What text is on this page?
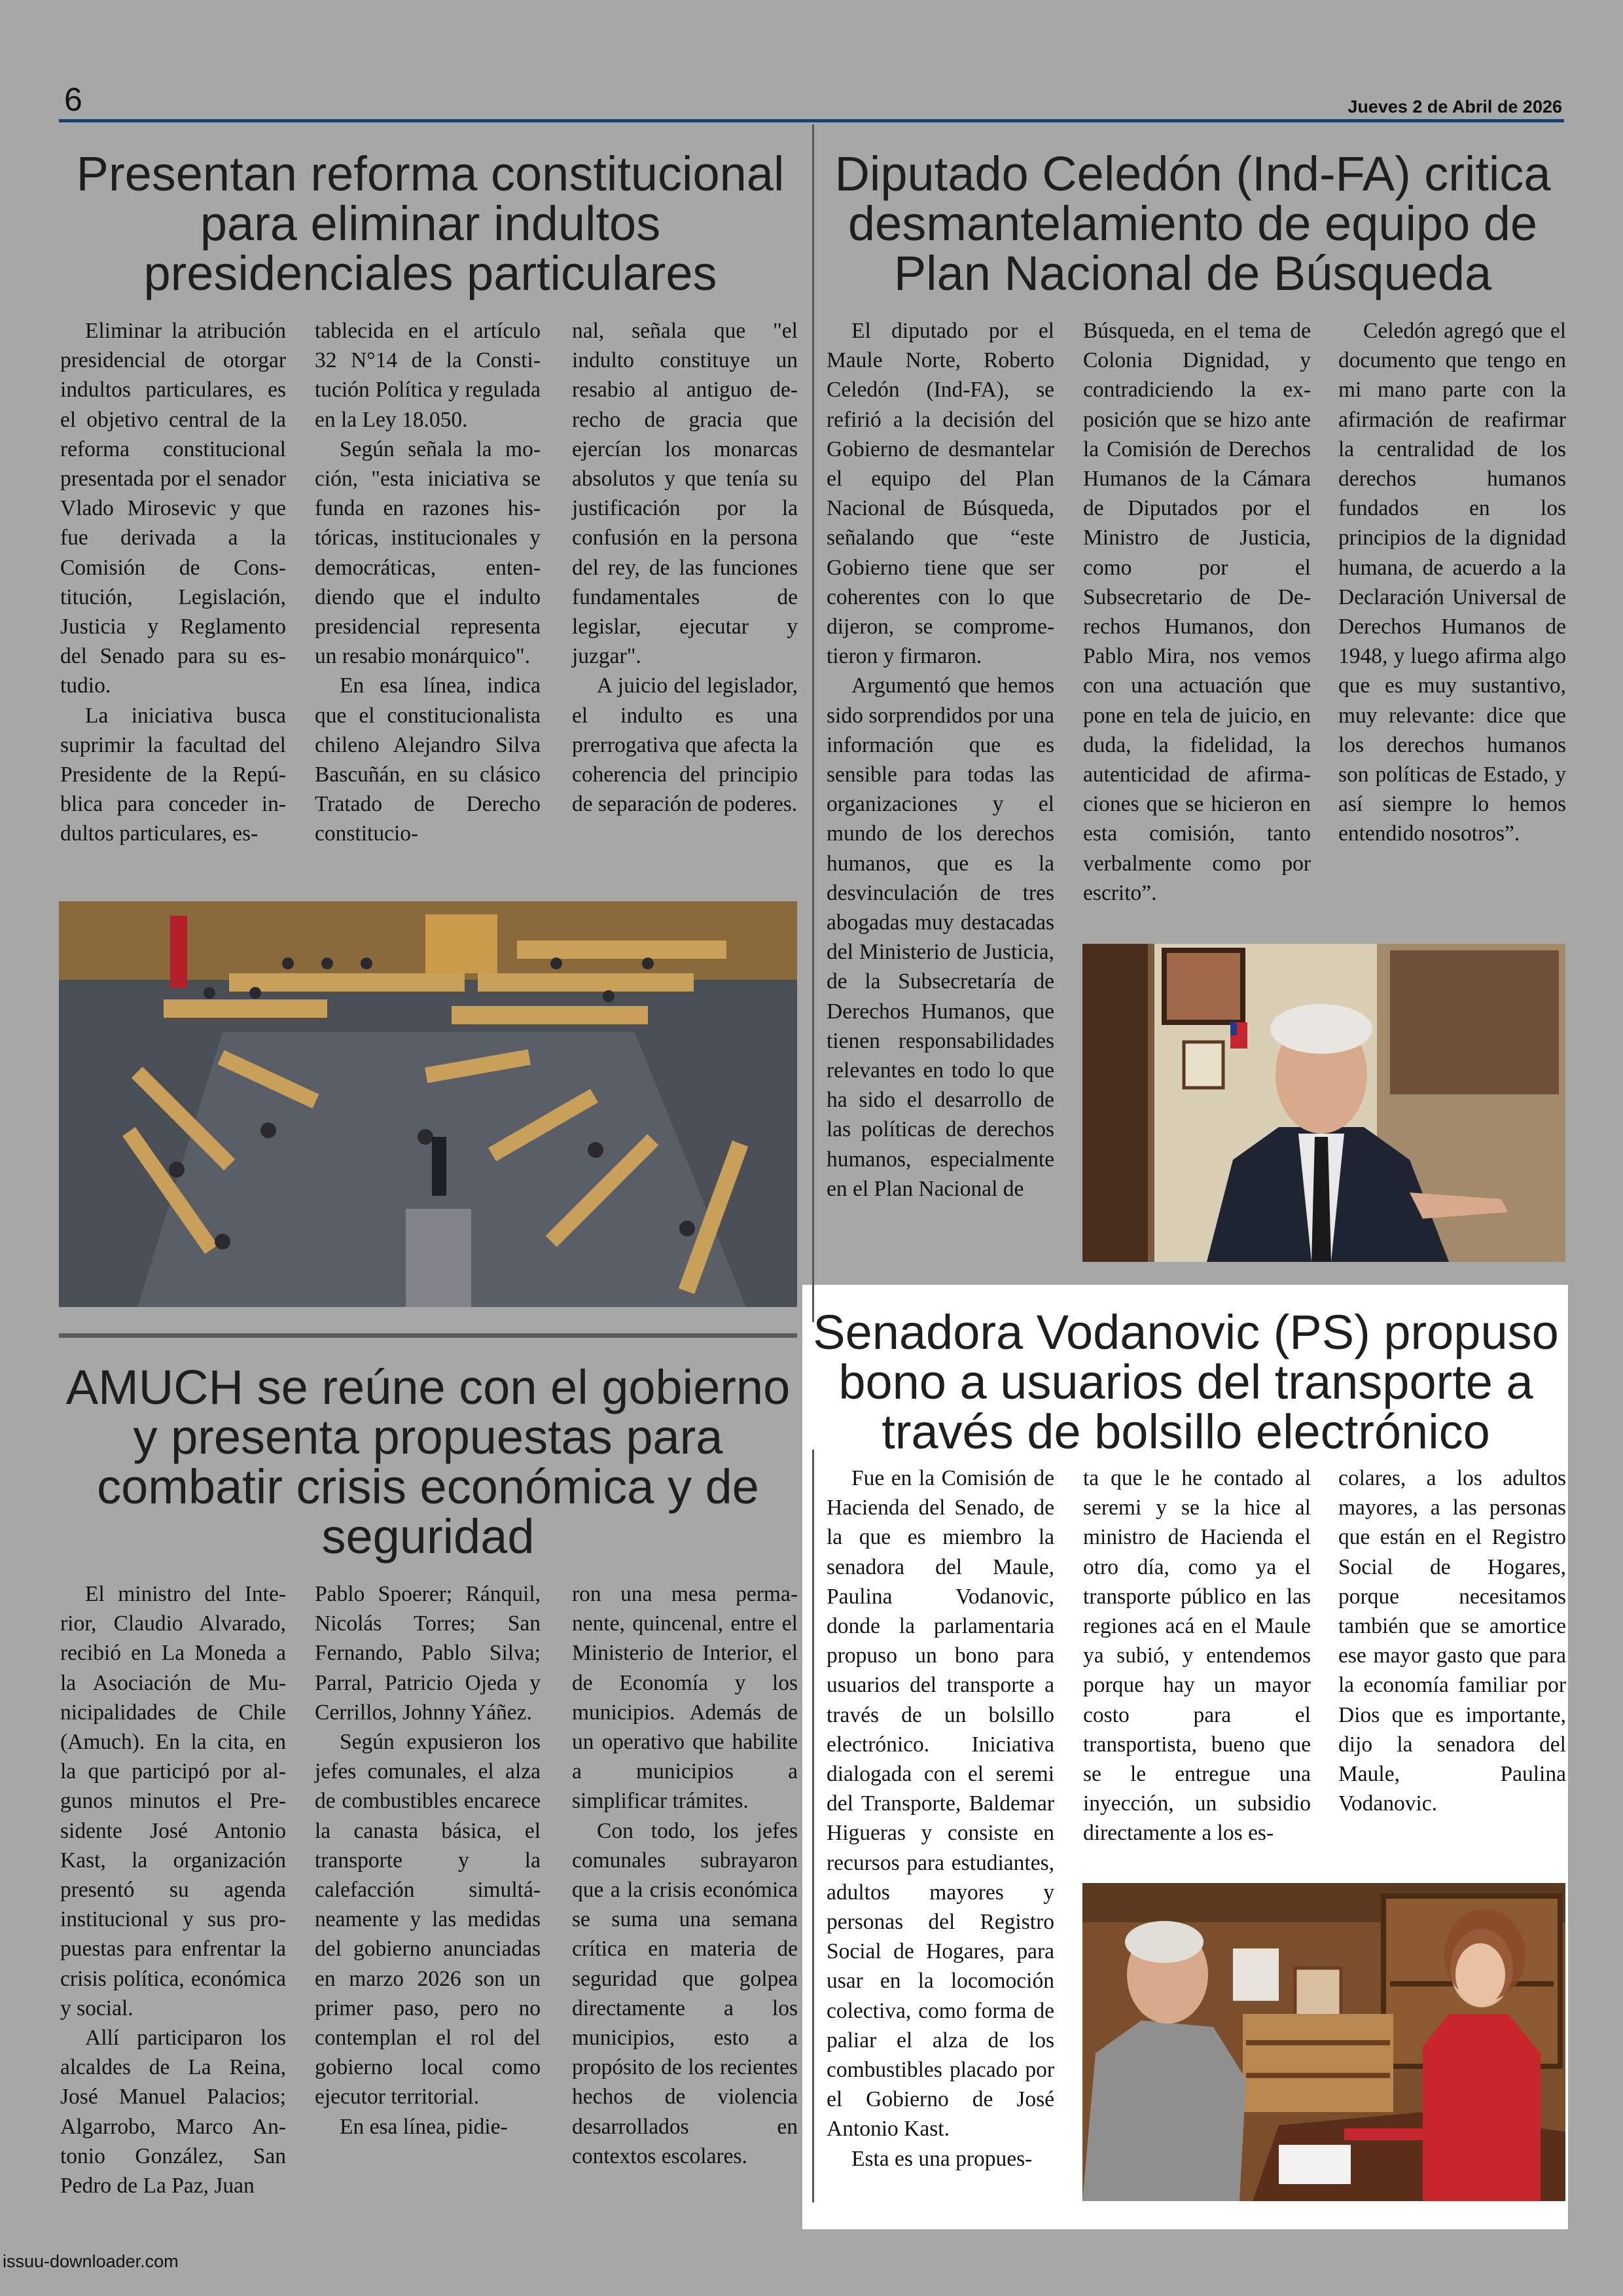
6	Jueves 2 de Abril de 2026
Presentan reforma constitucional para eliminar indultos presidenciales particulares

Eliminar la atribución presidencial de otorgar indultos particulares, es el objetivo central de la reforma constitucional presentada por el senador Vlado Mirosevic y que fue derivada a la Comisión de Constitución, Legislación, Justicia y Reglamento del Senado para su estudio.

La iniciativa busca suprimir la facultad del Presidente de la República para conceder indultos particulares, es-

tablecida en el artículo 32 N°14 de la Constitución Política y regulada en la Ley 18.050.

Según señala la moción, "esta iniciativa se funda en razones históricas, institucionales y democráticas, entendiendo que el indulto presidencial representa un resabio monárquico".

En esa línea, indica que el constitucionalista chileno Alejandro Silva Bascuñán, en su clásico Tratado de Derecho constitucio-

nal, señala que "el indulto constituye un resabio al antiguo derecho de gracia que ejercían los monarcas absolutos y que tenía su justificación por la confusión en la persona del rey, de las funciones fundamentales de legislar, ejecutar y juzgar".

A juicio del legislador, el indulto es una prerrogativa que afecta la coherencia del principio de separación de poderes.

Diputado Celedón (Ind-FA) critica desmantelamiento de equipo de Plan Nacional de Búsqueda

El diputado por el Maule Norte, Roberto Celedón (Ind-FA), se refirió a la decisión del Gobierno de desmantelar el equipo del Plan Nacional de Búsqueda, señalando que “este Gobierno tiene que ser coherentes con lo que dijeron, se comprometieron y firmaron.

Argumentó que hemos sido sorprendidos por una información que es sensible para todas las organizaciones y el mundo de los derechos humanos, que es la desvinculación de tres abogadas muy destacadas del Ministerio de Justicia, de la Subsecretaría de Derechos Humanos, que tienen responsabilidades relevantes en todo lo que ha sido el desarrollo de las políticas de derechos humanos, especialmente en el Plan Nacional de

Búsqueda, en el tema de Colonia Dignidad, y contradiciendo la exposición que se hizo ante la Comisión de Derechos Humanos de la Cámara de Diputados por el Ministro de Justicia, como por el Subsecretario de Derechos Humanos, don Pablo Mira, nos vemos con una actuación que pone en tela de juicio, en duda, la fidelidad, la autenticidad de afirmaciones que se hicieron en esta comisión, tanto verbalmente como por escrito”.

Celedón agregó que el documento que tengo en mi mano parte con la afirmación de reafirmar la centralidad de los derechos humanos fundados en los principios de la dignidad humana, de acuerdo a la Declaración Universal de Derechos Humanos de 1948, y luego afirma algo que es muy sustantivo, muy relevante: dice que los derechos humanos son políticas de Estado, y así siempre lo hemos entendido nosotros”.

AMUCH se reúne con el gobierno y presenta propuestas para combatir crisis económica y de seguridad

El ministro del Interior, Claudio Alvarado, recibió en La Moneda a la Asociación de Municipalidades de Chile (Amuch). En la cita, en la que participó por algunos minutos el Presidente José Antonio Kast, la organización presentó su agenda institucional y sus propuestas para enfrentar la crisis política, económica y social.

Allí participaron los alcaldes de La Reina, José Manuel Palacios; Algarrobo, Marco Antonio González, San Pedro de La Paz, Juan

Pablo Spoerer; Ránquil, Nicolás Torres; San Fernando, Pablo Silva; Parral, Patricio Ojeda y Cerrillos, Johnny Yáñez.

Según expusieron los jefes comunales, el alza de combustibles encarece la canasta básica, el transporte y la calefacción simultáneamente y las medidas del gobierno anunciadas en marzo 2026 son un primer paso, pero no contemplan el rol del gobierno local como ejecutor territorial.

En esa línea, pidie-

ron una mesa permanente, quincenal, entre el Ministerio de Interior, el de Economía y los municipios. Además de un operativo que habilite a municipios a simplificar trámites.

Con todo, los jefes comunales subrayaron que a la crisis económica se suma una semana crítica en materia de seguridad que golpea directamente a los municipios, esto a propósito de los recientes hechos de violencia desarrollados en contextos escolares.

Senadora Vodanovic (PS) propuso bono a usuarios del transporte a través de bolsillo electrónico

Fue en la Comisión de Hacienda del Senado, de la que es miembro la senadora del Maule, Paulina Vodanovic, donde la parlamentaria propuso un bono para usuarios del transporte a través de un bolsillo electrónico. Iniciativa dialogada con el seremi del Transporte, Baldemar Higueras y consiste en recursos para estudiantes, adultos mayores y personas del Registro Social de Hogares, para usar en la locomoción colectiva, como forma de paliar el alza de los combustibles placado por el Gobierno de José Antonio Kast.

Esta es una propues-

ta que le he contado al seremi y se la hice al ministro de Hacienda el otro día, como ya el transporte público en las regiones acá en el Maule ya subió, y entendemos porque hay un mayor costo para el transportista, bueno que se le entregue una inyección, un subsidio directamente a los es-

colares, a los adultos mayores, a las personas que están en el Registro Social de Hogares, porque necesitamos también que se amortice ese mayor gasto que para la economía familiar por Dios que es importante, dijo la senadora del Maule, Paulina Vodanovic.

issuu-downloader.com
